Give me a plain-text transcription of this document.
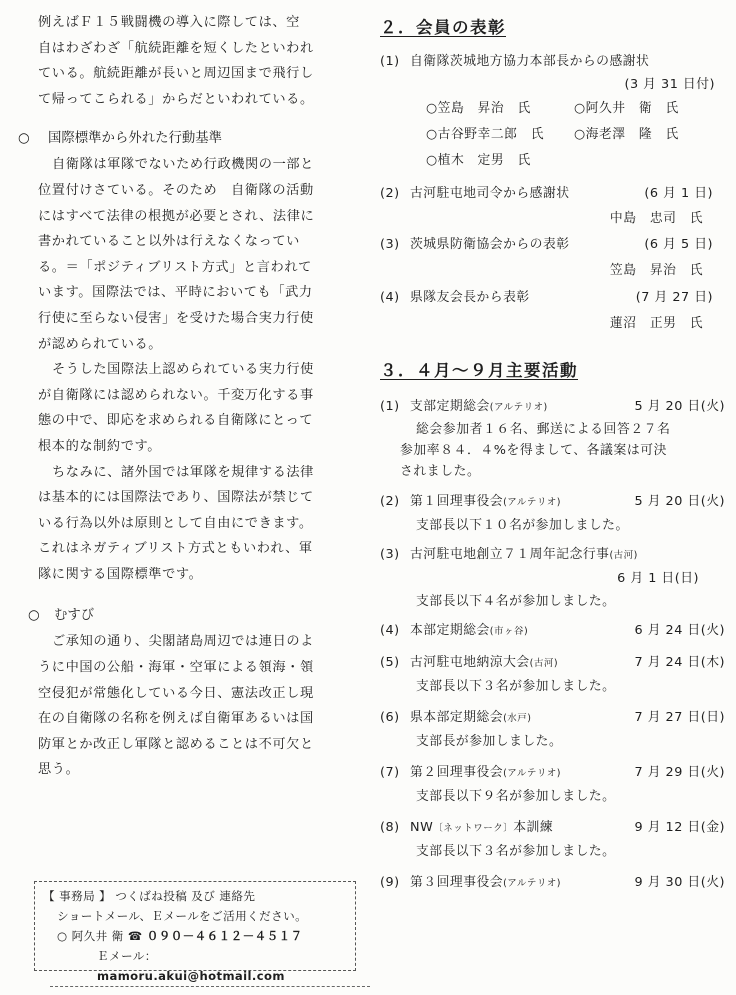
例えばＦ１５戦闘機の導入に際しては、空
自はわざわざ「航続距離を短くしたといわれ
ている。航続距離が長いと周辺国まで飛行し
て帰ってこられる」からだといわれている。

○	国際標準から外れた行動基準

自衛隊は軍隊でないため行政機関の一部と
位置付けさている。そのため　自衛隊の活動
にはすべて法律の根拠が必要とされ、法律に
書かれていること以外は行えなくなってい
る。＝「ポジティブリスト方式」と言われて
います。国際法では、平時においても「武力
行使に至らない侵害」を受けた場合実力行使
が認められている。

そうした国際法上認められている実力行使
が自衛隊には認められない。千変万化する事
態の中で、即応を求められる自衛隊にとって
根本的な制約です。

ちなみに、諸外国では軍隊を規律する法律
は基本的には国際法であり、国際法が禁じて
いる行為以外は原則として自由にできます。
これはネガティブリスト方式ともいわれ、軍
隊に関する国際標準です。

○	むすび

ご承知の通り、尖閣諸島周辺では連日のよ
うに中国の公船・海軍・空軍による領海・領
空侵犯が常態化している今日、憲法改正し現
在の自衛隊の名称を例えば自衛軍あるいは国
防軍とか改正し軍隊と認めることは不可欠と
思う。

【 事務局 】 つくばね投稿 及び 連絡先
ショートメール、Ｅメールをご活用ください。
○ 阿久井 衛 ☎ ０９０－４６１２－４５１７
Ｅメール： mamoru.akui@hotmail.com
２．会員の表彰
(1) 自衛隊茨城地方協力本部長からの感謝状
(3 月 31 日付)
○笠島　昇治　氏	○阿久井　衛　氏
○古谷野幸二郎　氏	○海老澤　隆　氏
○植木　定男　氏
(2) 古河駐屯地司令から感謝状	(6 月 1 日)
中島　忠司　氏
(3) 茨城県防衛協会からの表彰	(6 月 5 日)
笠島　昇治　氏
(4) 県隊友会長から表彰	(7 月 27 日)
蓮沼　正男　氏
３．４月～９月主要活動
(1) 支部定期総会(アルテリオ)	5 月 20 日(火)

総会参加者１６名、郵送による回答２７名
参加率８４．４%を得まして、各議案は可決
されました。

(2) 第１回理事役会(アルテリオ)	5 月 20 日(火)
支部長以下１０名が参加しました。
(3) 古河駐屯地創立７１周年記念行事(古河)
6 月 1 日(日)
支部長以下４名が参加しました。
(4) 本部定期総会(市ヶ谷)	6 月 24 日(火)
(5) 古河駐屯地納涼大会(古河)	7 月 24 日(木)
支部長以下３名が参加しました。
(6) 県本部定期総会(水戸)	7 月 27 日(日)
支部長が参加しました。
(7) 第２回理事役会(アルテリオ)	7 月 29 日(火)
支部長以下９名が参加しました。
(8) NW〔ネットワーク〕本訓練	9 月 12 日(金)
支部長以下３名が参加しました。
(9) 第３回理事役会(アルテリオ)	9 月 30 日(火)
